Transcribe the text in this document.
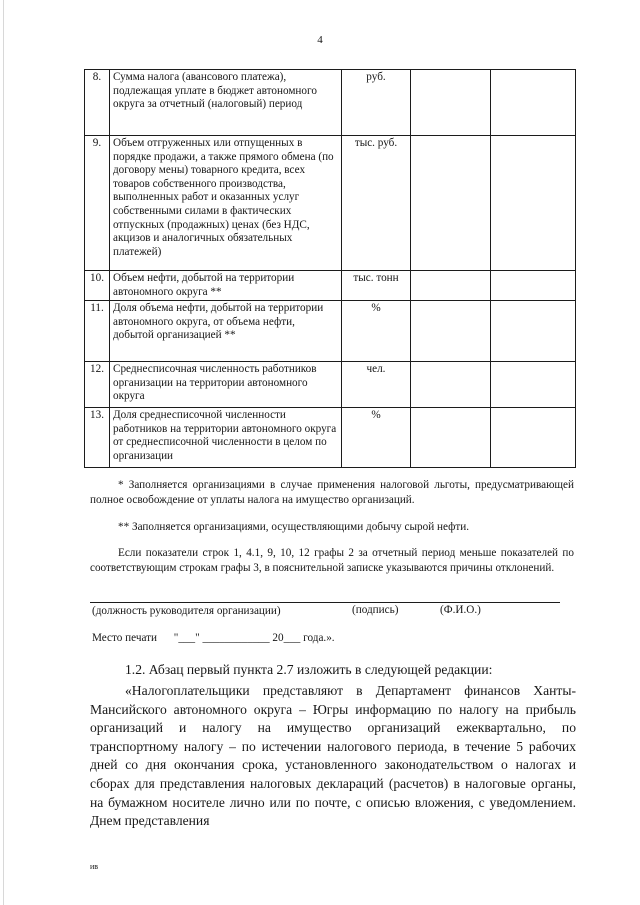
4
8.	Сумма налога (авансового платежа), подлежащая уплате в бюджет автономного округа за отчетный (налоговый) период	руб.		
9.	Объем отгруженных или отпущенных в порядке продажи, а также прямого обмена (по договору мены) товарного кредита, всех товаров собственного производства, выполненных работ и оказанных услуг собственными силами в фактических отпускных (продажных) ценах (без НДС, акцизов и аналогичных обязательных платежей)	тыс. руб.		
10.	Объем нефти, добытой на территории автономного округа **	тыс. тонн		
11.	Доля объема нефти, добытой на территории автономного округа, от объема нефти, добытой организацией **	%		
12.	Среднесписочная численность работников организации на территории автономного округа	чел.		
13.	Доля среднесписочной численности работников на территории автономного округа от среднесписочной численности в целом по организации	%		
* Заполняется организациями в случае применения налоговой льготы, предусматривающей полное освобождение от уплаты налога на имущество организаций.
** Заполняется организациями, осуществляющими добычу сырой нефти.
Если показатели строк 1, 4.1, 9, 10, 12 графы 2 за отчетный период меньше показателей по соответствующим строкам графы 3, в пояснительной записке указываются причины отклонений.
(должность руководителя организации)	(подпись)	(Ф.И.О.)
Место печати      "___" ____________ 20___ года.».
1.2. Абзац первый пункта 2.7 изложить в следующей редакции:
«Налогоплательщики представляют в Департамент финансов Ханты-Мансийского автономного округа – Югры информацию по налогу на прибыль организаций и налогу на имущество организаций ежеквартально, по транспортному налогу – по истечении налогового периода, в течение 5 рабочих дней со дня окончания срока, установленного законодательством о налогах и сборах для представления налоговых деклараций (расчетов) в налоговые органы, на бумажном носителе лично или по почте, с описью вложения, с уведомлением. Днем представления
ив
